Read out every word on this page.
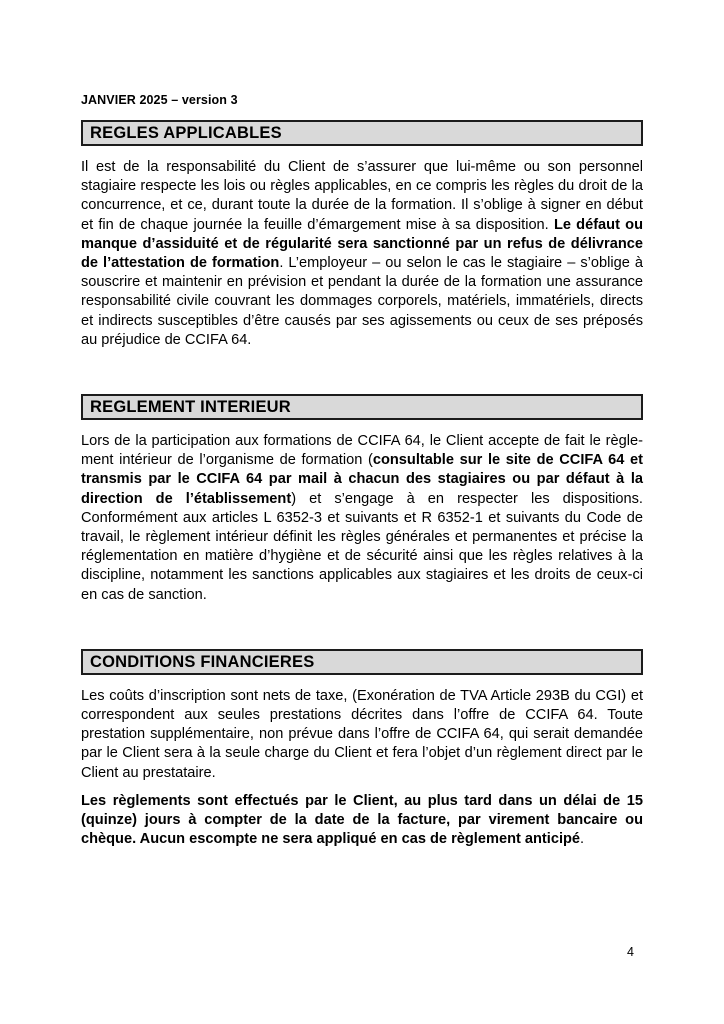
JANVIER 2025 – version 3
REGLES APPLICABLES

Il est de la responsabilité du Client de s’assurer que lui-même ou son personnel stagiaire respecte les lois ou règles applicables, en ce compris les règles du droit de la concurrence, et ce, durant toute la durée de la formation. Il s’oblige à signer en début et fin de chaque journée la feuille d’émargement mise à sa disposition. Le défaut ou manque d’assiduité et de régularité sera sanctionné par un refus de délivrance de l’attestation de formation. L’employeur – ou selon le cas le stagiaire – s’oblige à souscrire et maintenir en prévision et pendant la durée de la formation une assurance responsabilité civile couvrant les dommages corporels, matériels, immatériels, directs et indirects susceptibles d’être causés par ses agissements ou ceux de ses préposés au préjudice de CCIFA 64.

REGLEMENT INTERIEUR

Lors de la participation aux formations de CCIFA 64, le Client accepte de fait le règle- ment intérieur de l’organisme de formation (consultable sur le site de CCIFA 64 et transmis par le CCIFA 64 par mail à chacun des stagiaires ou par défaut à la direction de l’établissement) et s’engage à en respecter les dispositions. Conformément aux articles L 6352-3 et suivants et R 6352-1 et suivants du Code de travail, le règlement intérieur définit les règles générales et permanentes et précise la réglementation en matière d’hygiène et de sécurité ainsi que les règles relatives à la discipline, notamment les sanctions applicables aux stagiaires et les droits de ceux-ci en cas de sanction.

CONDITIONS FINANCIERES

Les coûts d’inscription sont nets de taxe, (Exonération de TVA Article 293B du CGI) et correspondent aux seules prestations décrites dans l’offre de CCIFA 64. Toute prestation supplémentaire, non prévue dans l’offre de CCIFA 64, qui serait demandée par le Client sera à la seule charge du Client et fera l’objet d’un règlement direct par le Client au prestataire.

Les règlements sont effectués par le Client, au plus tard dans un délai de 15 (quinze) jours à compter de la date de la facture, par virement bancaire ou chèque. Aucun escompte ne sera appliqué en cas de règlement anticipé.

4
